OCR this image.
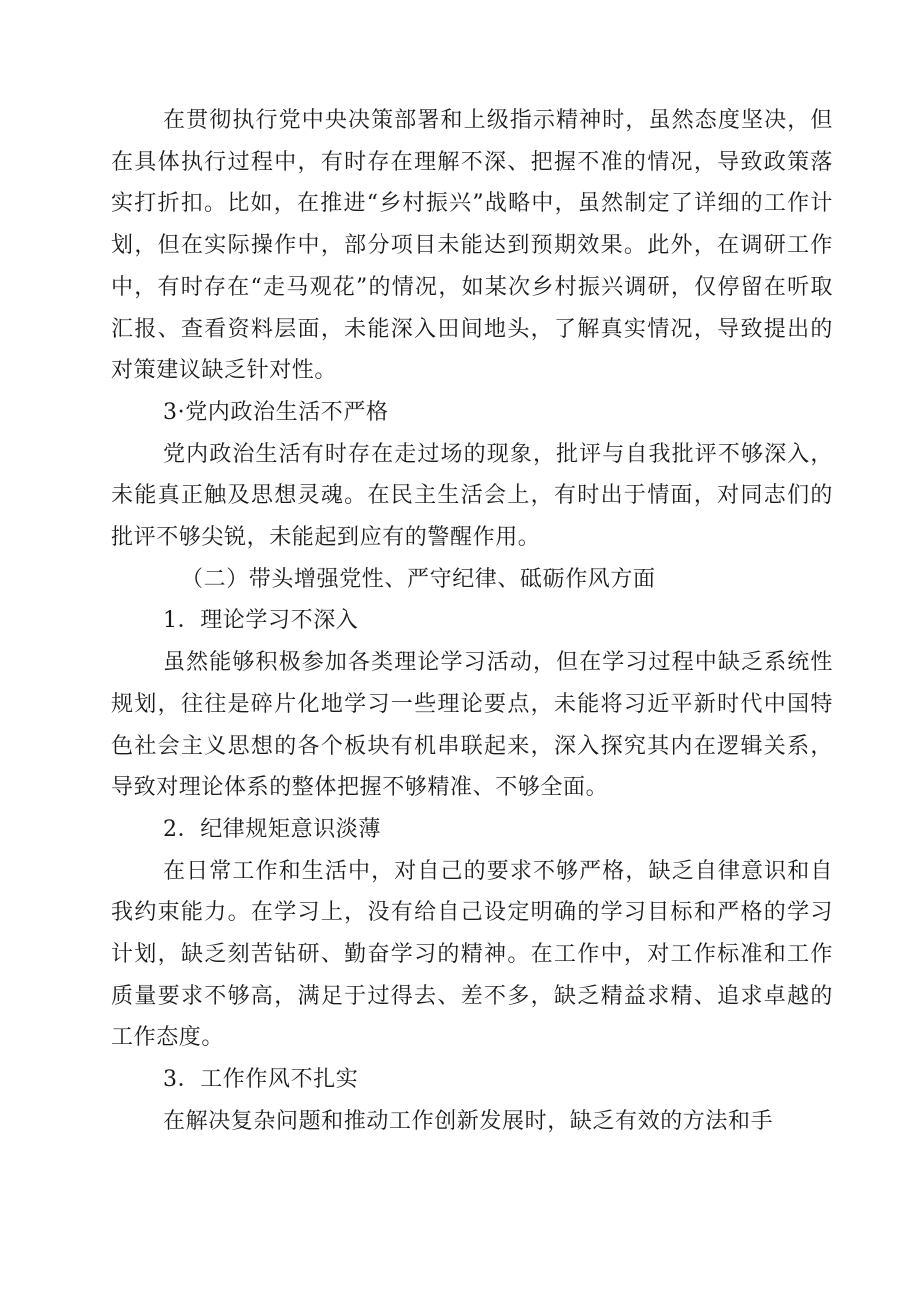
在贯彻执行党中央决策部署和上级指示精神时，虽然态度坚决，但在具体执行过程中，有时存在理解不深、把握不准的情况，导致政策落实打折扣。比如，在推进“乡村振兴”战略中，虽然制定了详细的工作计划，但在实际操作中，部分项目未能达到预期效果。此外，在调研工作中，有时存在“走马观花”的情况，如某次乡村振兴调研，仅停留在听取汇报、查看资料层面，未能深入田间地头，了解真实情况，导致提出的对策建议缺乏针对性。

3·党内政治生活不严格

党内政治生活有时存在走过场的现象，批评与自我批评不够深入，未能真正触及思想灵魂。在民主生活会上，有时出于情面，对同志们的批评不够尖锐，未能起到应有的警醒作用。

（二）带头增强党性、严守纪律、砥砺作风方面

1．理论学习不深入

虽然能够积极参加各类理论学习活动，但在学习过程中缺乏系统性规划，往往是碎片化地学习一些理论要点，未能将习近平新时代中国特色社会主义思想的各个板块有机串联起来，深入探究其内在逻辑关系，导致对理论体系的整体把握不够精准、不够全面。

2．纪律规矩意识淡薄

在日常工作和生活中，对自己的要求不够严格，缺乏自律意识和自我约束能力。在学习上，没有给自己设定明确的学习目标和严格的学习计划，缺乏刻苦钻研、勤奋学习的精神。在工作中，对工作标准和工作质量要求不够高，满足于过得去、差不多，缺乏精益求精、追求卓越的工作态度。

3．工作作风不扎实

在解决复杂问题和推动工作创新发展时，缺乏有效的方法和手
